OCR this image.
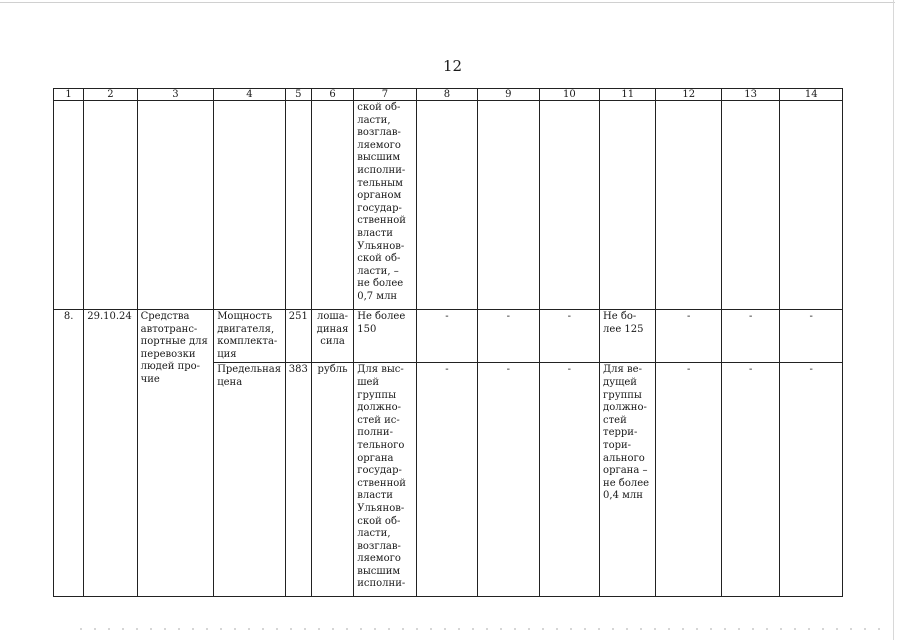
12
1	2	3	4	5	6	7	8	9	10	11	12	13	14
						ской об-ласти, возглав-ляемого высшим исполни-тельным органом государ-ственной власти Ульянов-ской об-ласти, – не более 0,7 млн							
8.	29.10.24	Средства автотранс-портные для перевозки людей про-чие	Мощность двигателя, комплекта-ция	251	лоша-диная сила	Не более 150	-	-	-	Не бо-лее 125	-	-	-
			Предельная цена	383	рубль	Для выс-шей группы должно-стей ис-полни-тельного органа государ-ственной власти Ульянов-ской об-ласти, возглав-ляемого высшим исполни-	-	-	-	Для ве-дущей группы должно-стей терри-тори-ального органа – не более 0,4 млн	-	-	-
